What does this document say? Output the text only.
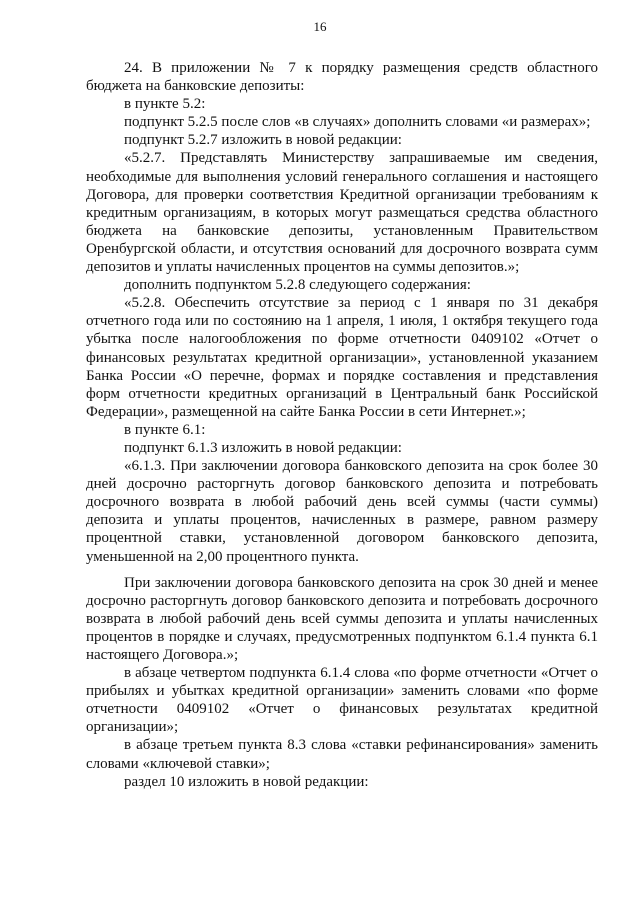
16

24. В приложении № 7 к порядку размещения средств областного бюджета на банковские депозиты:

в пункте 5.2:

подпункт 5.2.5 после слов «в случаях» дополнить словами «и размерах»;

подпункт 5.2.7 изложить в новой редакции:

«5.2.7. Представлять Министерству запрашиваемые им сведения, необходимые для выполнения условий генерального соглашения и настоящего Договора, для проверки соответствия Кредитной организации требованиям к кредитным организациям, в которых могут размещаться средства областного бюджета на банковские депозиты, установленным Правительством Оренбургской области, и отсутствия оснований для досрочного возврата сумм депозитов и уплаты начисленных процентов на суммы депозитов.»;

дополнить подпунктом 5.2.8 следующего содержания:

«5.2.8. Обеспечить отсутствие за период с 1 января по 31 декабря отчетного года или по состоянию на 1 апреля, 1 июля, 1 октября текущего года убытка после налогообложения по форме отчетности 0409102 «Отчет о финансовых результатах кредитной организации», установленной указанием Банка России «О перечне, формах и порядке составления и представления форм отчетности кредитных организаций в Центральный банк Российской Федерации», размещенной на сайте Банка России в сети Интернет.»;

в пункте 6.1:

подпункт 6.1.3 изложить в новой редакции:

«6.1.3. При заключении договора банковского депозита на срок более 30 дней досрочно расторгнуть договор банковского депозита и потребовать досрочного возврата в любой рабочий день всей суммы (части суммы) депозита и уплаты процентов, начисленных в размере, равном размеру процентной ставки, установленной договором банковского депозита, уменьшенной на 2,00 процентного пункта.

При заключении договора банковского депозита на срок 30 дней и менее досрочно расторгнуть договор банковского депозита и потребовать досрочного возврата в любой рабочий день всей суммы депозита и уплаты начисленных процентов в порядке и случаях, предусмотренных подпунктом 6.1.4 пункта 6.1 настоящего Договора.»;

в абзаце четвертом подпункта 6.1.4 слова «по форме отчетности «Отчет о прибылях и убытках кредитной организации» заменить словами «по форме отчетности 0409102 «Отчет о финансовых результатах кредитной организации»;

в абзаце третьем пункта 8.3 слова «ставки рефинансирования» заменить словами «ключевой ставки»;

раздел 10 изложить в новой редакции:
